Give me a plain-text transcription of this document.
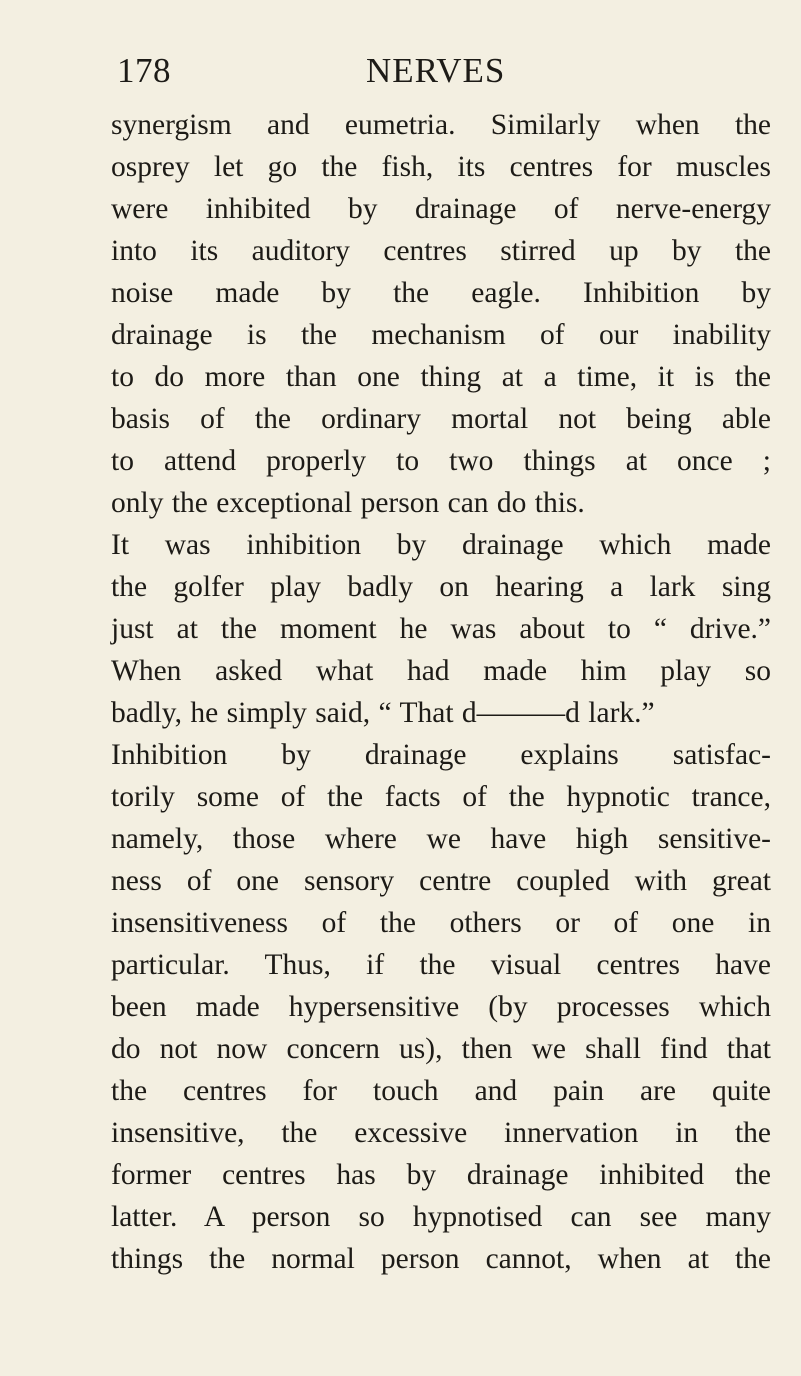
178	NERVES
synergism and eumetria. Similarly when the
osprey let go the fish, its centres for muscles
were inhibited by drainage of nerve-energy
into its auditory centres stirred up by the
noise made by the eagle. Inhibition by
drainage is the mechanism of our inability
to do more than one thing at a time, it is the
basis of the ordinary mortal not being able
to attend properly to two things at once ;
only the exceptional person can do this.
It was inhibition by drainage which made
the golfer play badly on hearing a lark sing
just at the moment he was about to “ drive.”
When asked what had made him play so
badly, he simply said, “ That d———d lark.”
Inhibition by drainage explains satisfac-
torily some of the facts of the hypnotic trance,
namely, those where we have high sensitive-
ness of one sensory centre coupled with great
insensitiveness of the others or of one in
particular. Thus, if the visual centres have
been made hypersensitive (by processes which
do not now concern us), then we shall find that
the centres for touch and pain are quite
insensitive, the excessive innervation in the
former centres has by drainage inhibited the
latter. A person so hypnotised can see many
things the normal person cannot, when at the
